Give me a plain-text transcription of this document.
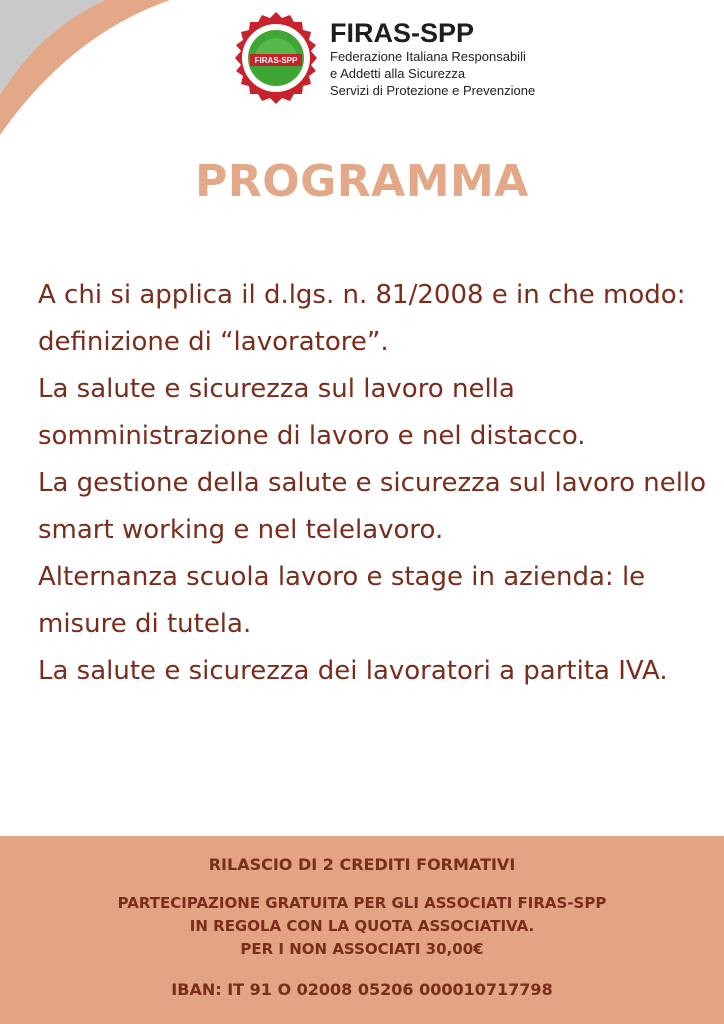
FIRAS-SPP

FIRAS-SPP

Federazione Italiana Responsabili
e Addetti alla Sicurezza
Servizi di Protezione e Prevenzione

PROGRAMMA
A chi si applica il d.lgs. n. 81/2008 e in che modo: definizione di “lavoratore”.
La salute e sicurezza sul lavoro nella somministrazione di lavoro e nel distacco.
La gestione della salute e sicurezza sul lavoro nello smart working e nel telelavoro.
Alternanza scuola lavoro e stage in azienda: le misure di tutela.
La salute e sicurezza dei lavoratori a partita IVA.

RILASCIO DI 2 CREDITI FORMATIVI

PARTECIPAZIONE GRATUITA PER GLI ASSOCIATI FIRAS-SPP
IN REGOLA CON LA QUOTA ASSOCIATIVA.
PER I NON ASSOCIATI 30,00€

IBAN: IT 91 O 02008 05206 000010717798
